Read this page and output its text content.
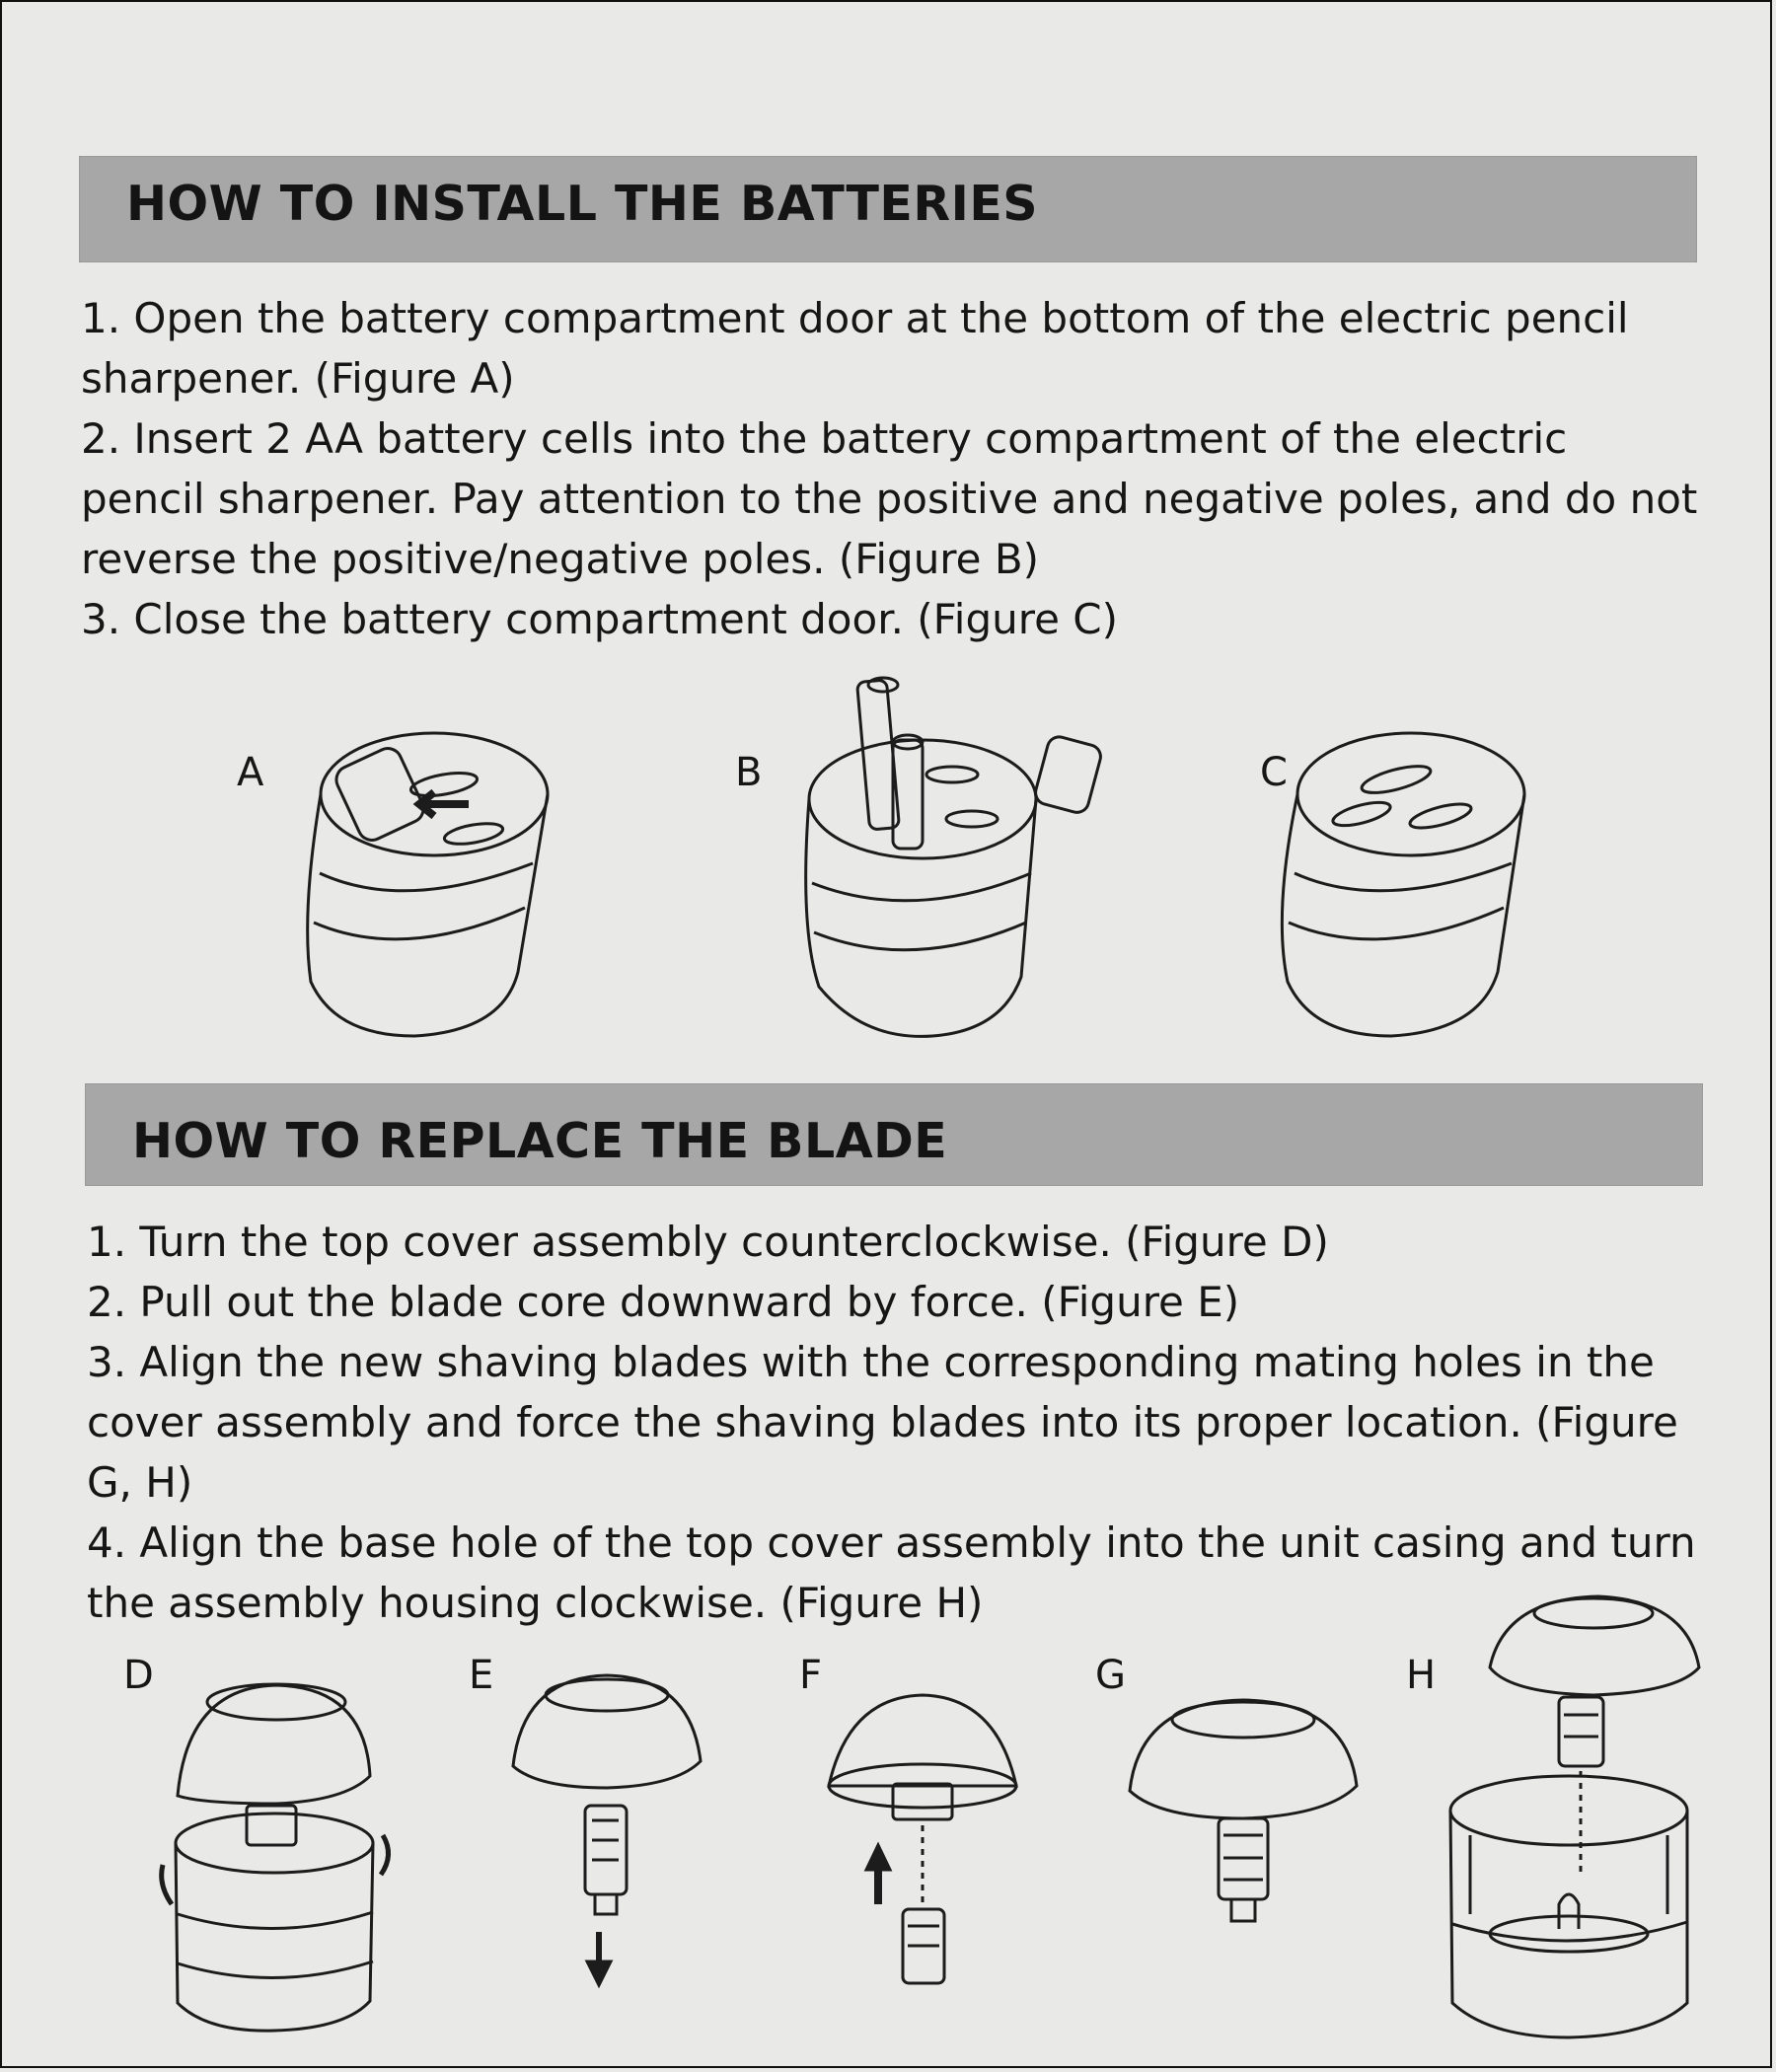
HOW TO INSTALL THE BATTERIES
1. Open the battery compartment door at the bottom of the electric pencil sharpener. (Figure A)
2. Insert 2 AA battery cells into the battery compartment of the electric pencil sharpener. Pay attention to the positive and negative poles, and do not reverse the positive/negative poles. (Figure B)
3. Close the battery compartment door. (Figure C)
A	B	C
HOW TO REPLACE THE BLADE
1. Turn the top cover assembly counterclockwise. (Figure D)
2. Pull out the blade core downward by force. (Figure E)
3. Align the new shaving blades with the corresponding mating holes in the cover assembly and force the shaving blades into its proper location. (Figure G, H)
4. Align the base hole of the top cover assembly into the unit casing and turn the assembly housing clockwise. (Figure H)
D	E	F	G	H
